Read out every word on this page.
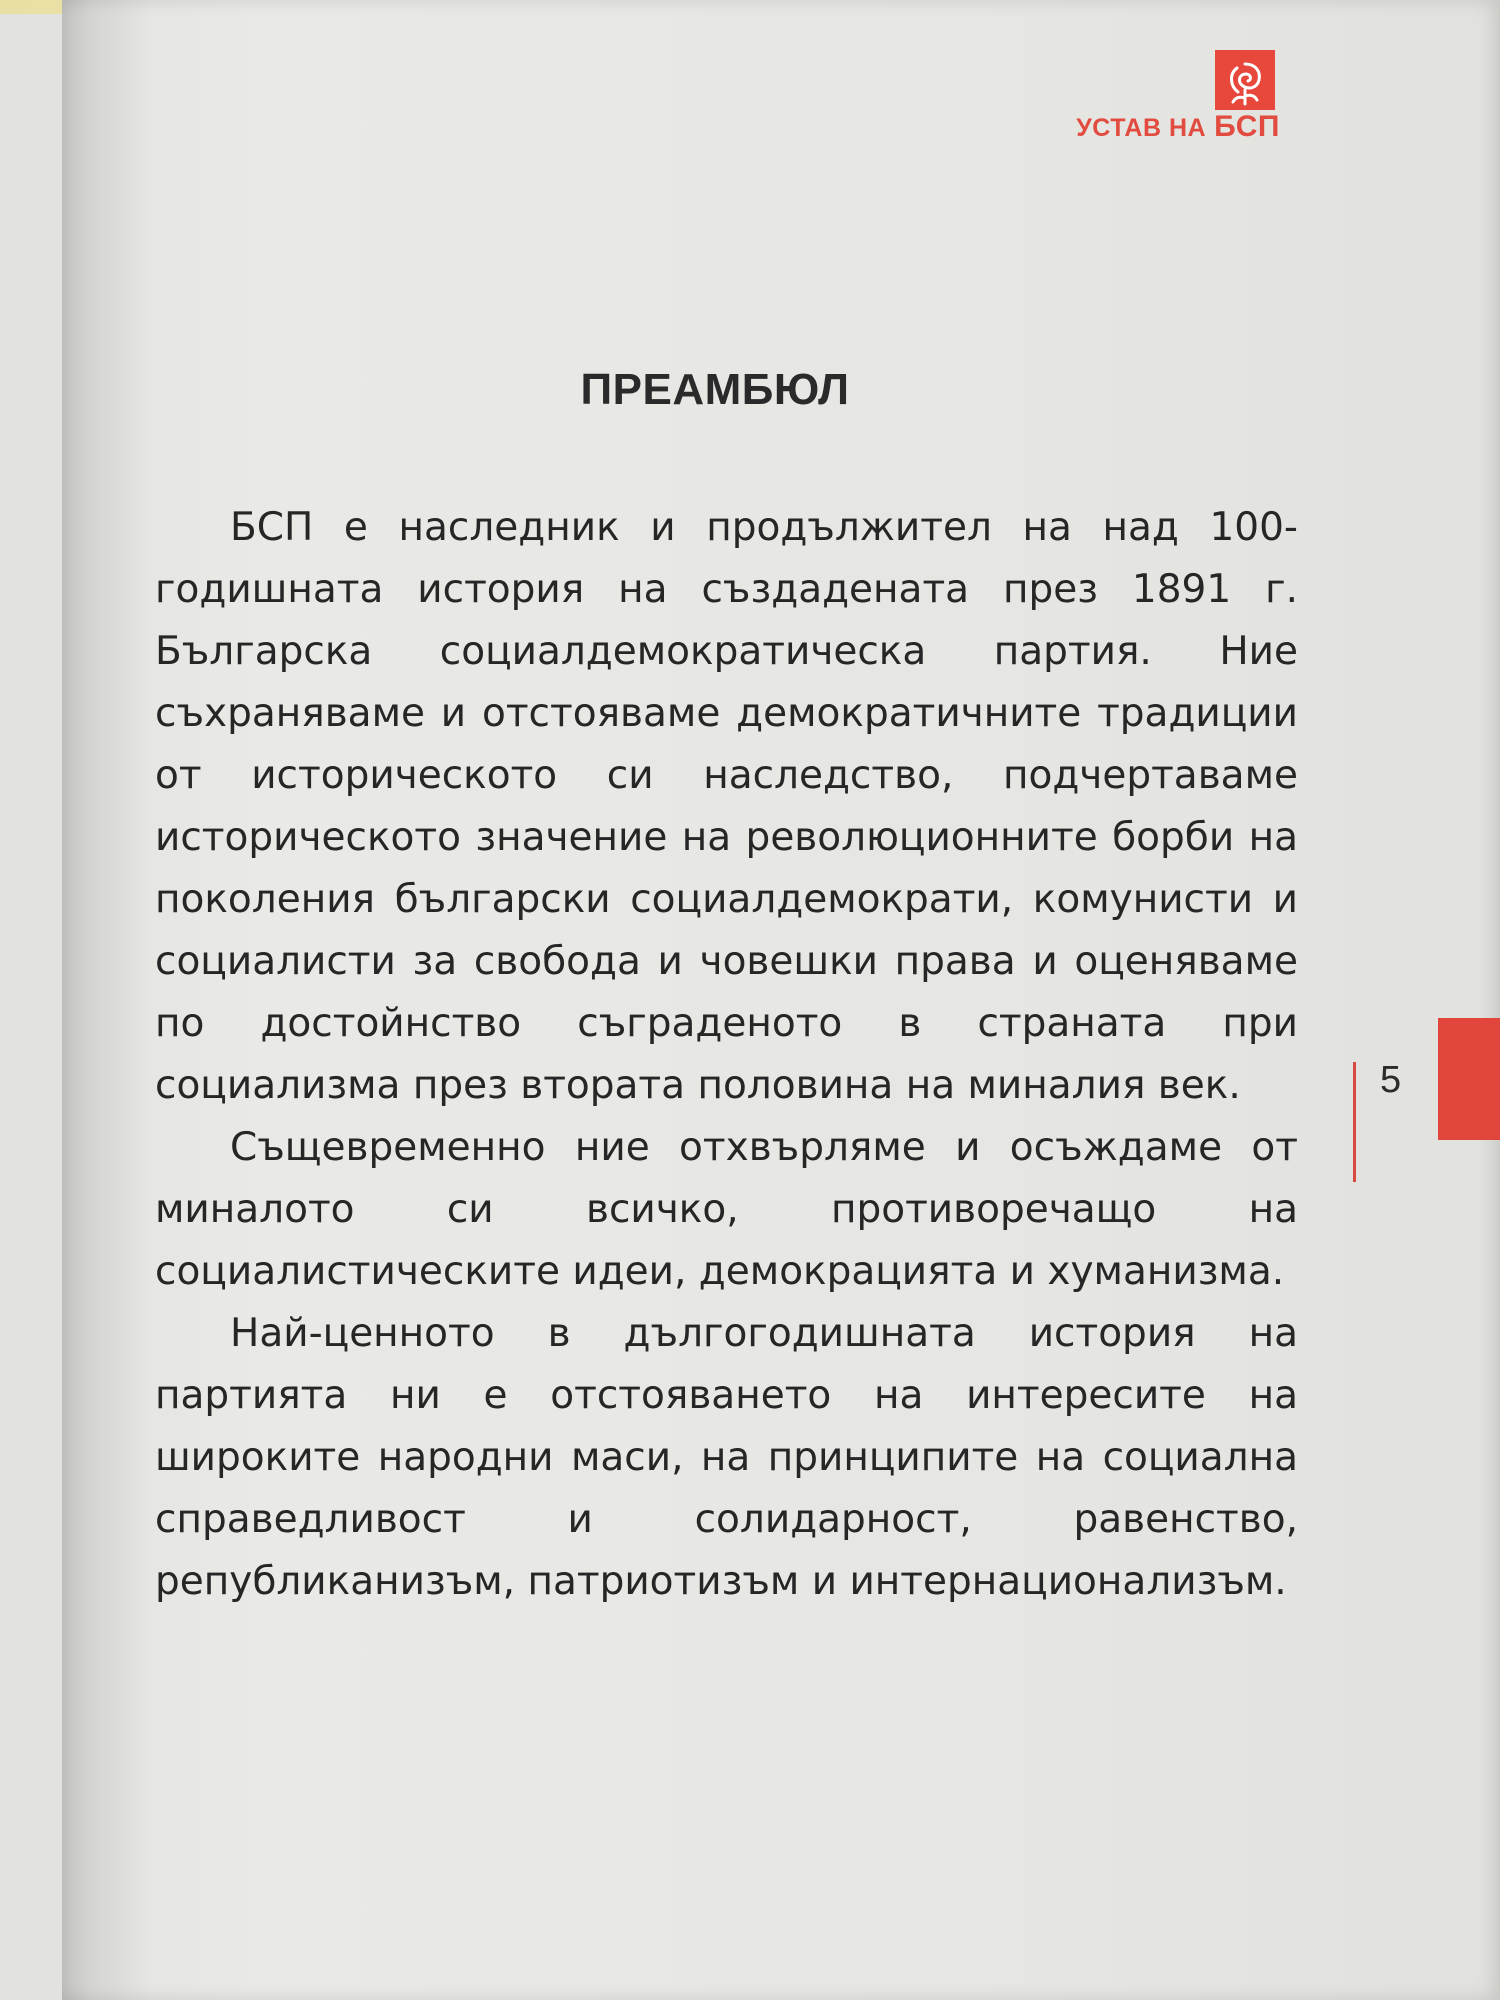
УСТАВ НА БСП
ПРЕАМБЮЛ

БСП е наследник и продължител на над 100-годишната история на създадената през 1891 г. Българска социалдемократическа партия. Ние съхраняваме и отстояваме демократичните традиции от историческото си наследство, подчертаваме историческото значение на революционните борби на поколения български социалдемократи, комунисти и социалисти за свобода и човешки права и оценяваме по достойнство съграденото в страната при социализма през втората половина на миналия век.

Същевременно ние отхвърляме и осъждаме от миналото си всичко, противоречащо на социалистическите идеи, демокрацията и хуманизма.

Най-ценното в дългогодишната история на партията ни е отстояването на интересите на широките народни маси, на принципите на социална справедливост и солидарност, равенство, републиканизъм, патриотизъм и интернационализъм.

5
